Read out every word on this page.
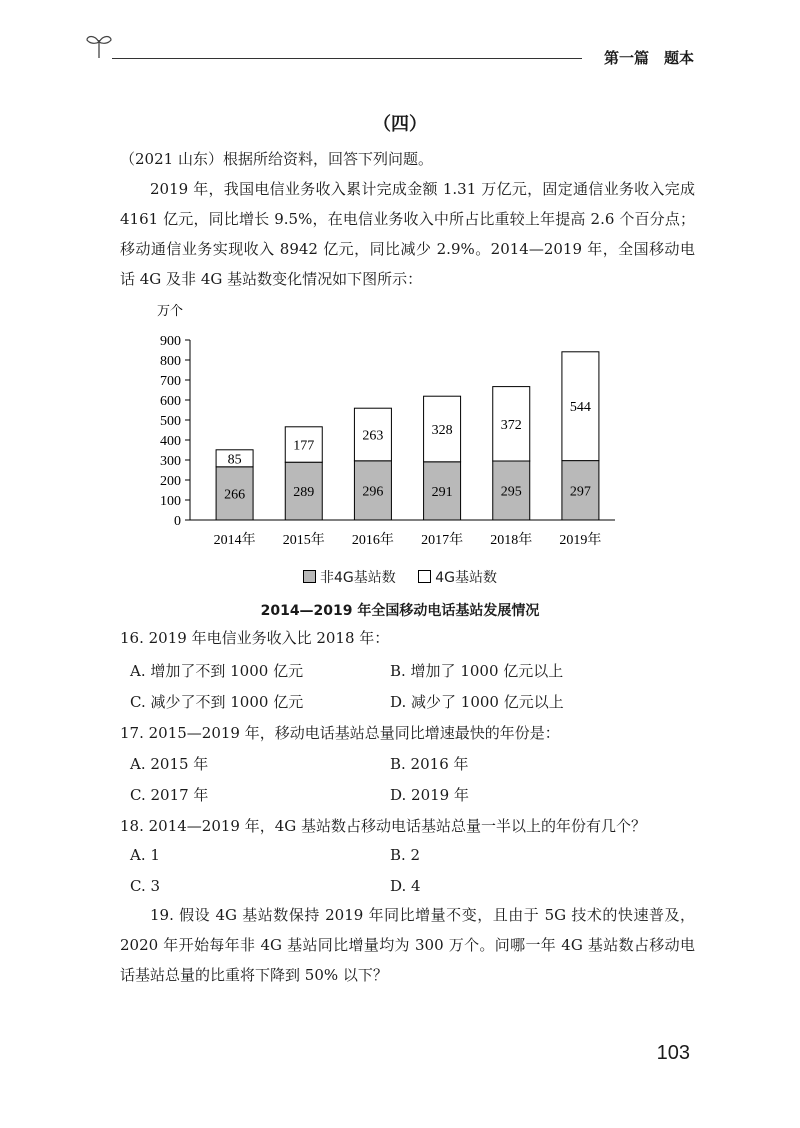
第一篇　题本
（四）
（2021 山东）根据所给资料，回答下列问题。
2019 年，我国电信业务收入累计完成金额 1.31 万亿元，固定通信业务收入完成 4161 亿元，同比增长 9.5%，在电信业务收入中所占比重较上年提高 2.6 个百分点；移动通信业务实现收入 8942 亿元，同比减少 2.9%。2014—2019 年，全国移动电话 4G 及非 4G 基站数变化情况如下图所示：
万个
0
100
200
300
400
500
600
700
800
900
266
85
2014年
289
177
2015年
296
263
2016年
291
328
2017年
295
372
2018年
297
544
2019年
非4G基站数	4G基站数
2014—2019 年全国移动电话基站发展情况
16. 2019 年电信业务收入比 2018 年：
A. 增加了不到 1000 亿元	B. 增加了 1000 亿元以上
C. 减少了不到 1000 亿元	D. 减少了 1000 亿元以上
17. 2015—2019 年，移动电话基站总量同比增速最快的年份是：
A. 2015 年	B. 2016 年
C. 2017 年	D. 2019 年
18. 2014—2019 年，4G 基站数占移动电话基站总量一半以上的年份有几个？
A. 1	B. 2
C. 3	D. 4
19. 假设 4G 基站数保持 2019 年同比增量不变，且由于 5G 技术的快速普及，2020 年开始每年非 4G 基站同比增量均为 300 万个。问哪一年 4G 基站数占移动电话基站总量的比重将下降到 50% 以下？
103
